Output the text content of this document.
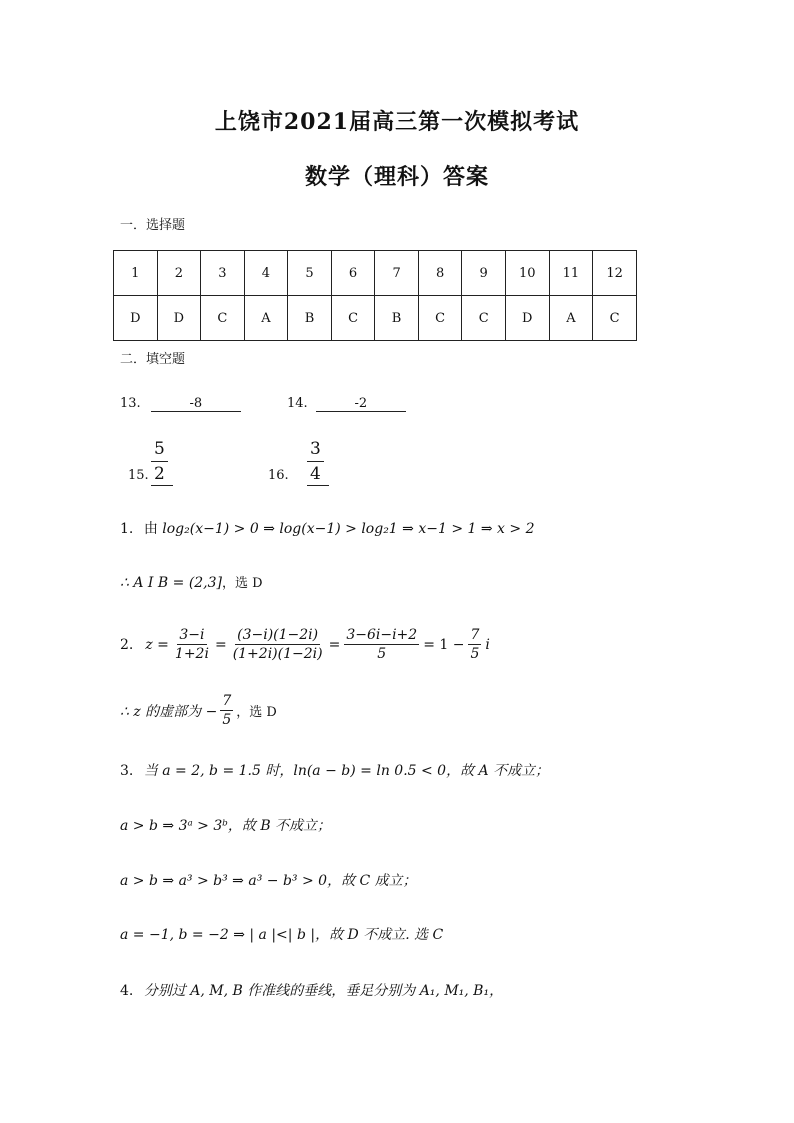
上饶市2021届高三第一次模拟考试
数学（理科）答案
一．选择题
1	2	3	4	5	6	7	8	9	10	11	12
D	D	C	A	B	C	B	C	C	D	A	C
二．填空题
13.	-8	14.	-2
15. $\frac{5}{2}$	16. $\frac{3}{4}$
1. 由 log₂(x−1) > 0 ⇒ log(x−1) > log₂1 ⇒ x−1 > 1 ⇒ x > 2
∴ A I B = (2,3]，选 D
2. $z = \frac{3-i}{1+2i} = \frac{(3-i)(1-2i)}{(1+2i)(1-2i)} = \frac{3-6i-i+2}{5} = 1 - \frac{7}{5}$ i
∴ z 的虚部为 − $\frac{7}{5}$ ，选 D
3. 当 a = 2, b = 1.5 时，ln(a − b) = ln 0.5 < 0，故 A 不成立；
a > b ⇒ 3ᵃ > 3ᵇ，故 B 不成立；
a > b ⇒ a³ > b³ ⇒ a³ − b³ > 0，故 C 成立；
a = −1, b = −2 ⇒ | a |<| b |，故 D 不成立. 选 C
4. 分别过 A, M, B 作准线的垂线，垂足分别为 A₁, M₁, B₁，
